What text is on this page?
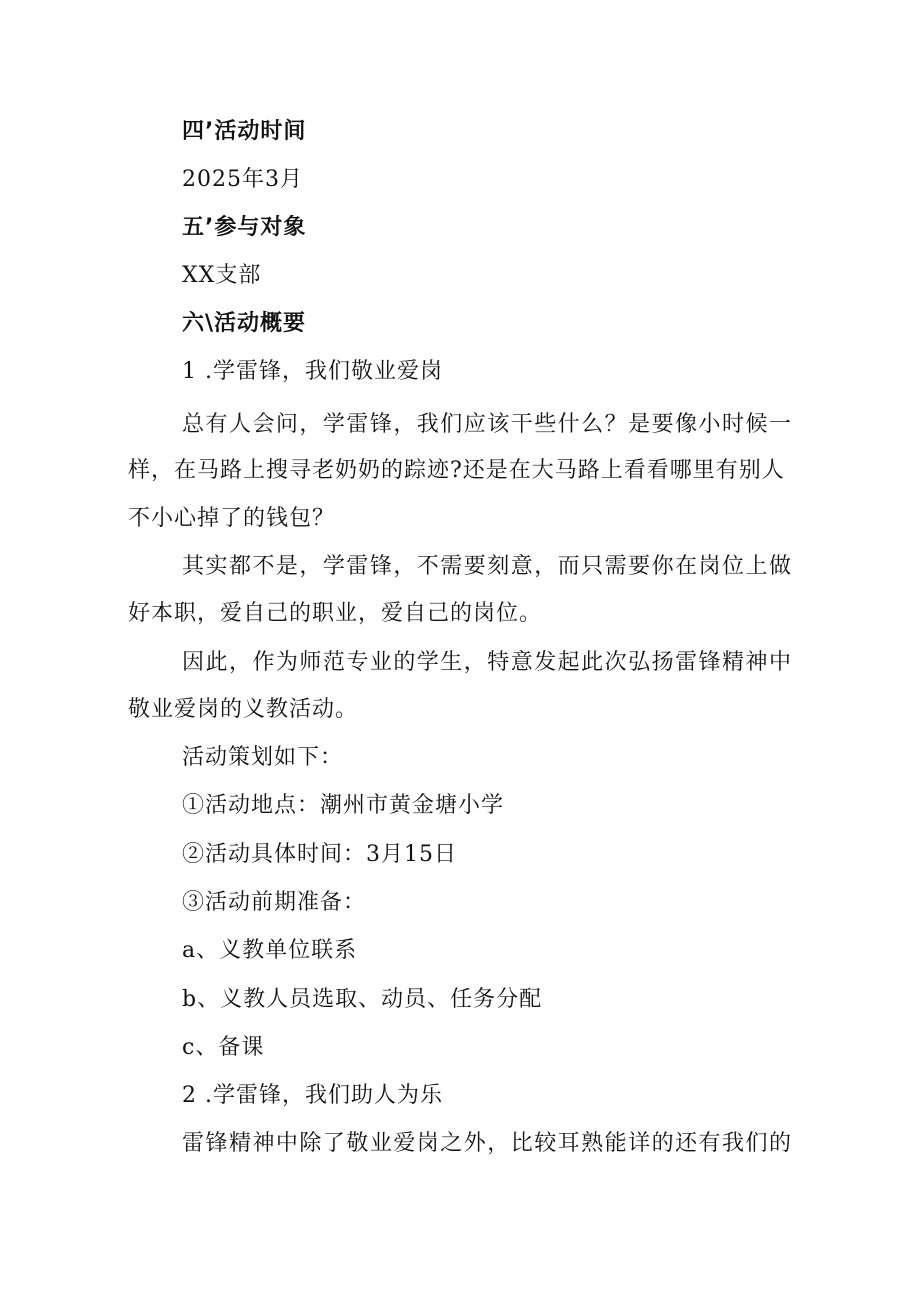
四’活动时间
2025年3月
五’参与对象
XX支部
六\活动概要
1 .学雷锋，我们敬业爱岗
总有人会问，学雷锋，我们应该干些什么？是要像小时候一
样，在马路上搜寻老奶奶的踪迹?还是在大马路上看看哪里有别人
不小心掉了的钱包？
其实都不是，学雷锋，不需要刻意，而只需要你在岗位上做
好本职，爱自己的职业，爱自己的岗位。
因此，作为师范专业的学生，特意发起此次弘扬雷锋精神中
敬业爱岗的义教活动。
活动策划如下：
①活动地点：潮州市黄金塘小学
②活动具体时间：3月15日
③活动前期准备：
a、义教单位联系
b、义教人员选取、动员、任务分配
c、备课
2 .学雷锋，我们助人为乐
雷锋精神中除了敬业爱岗之外，比较耳熟能详的还有我们的
